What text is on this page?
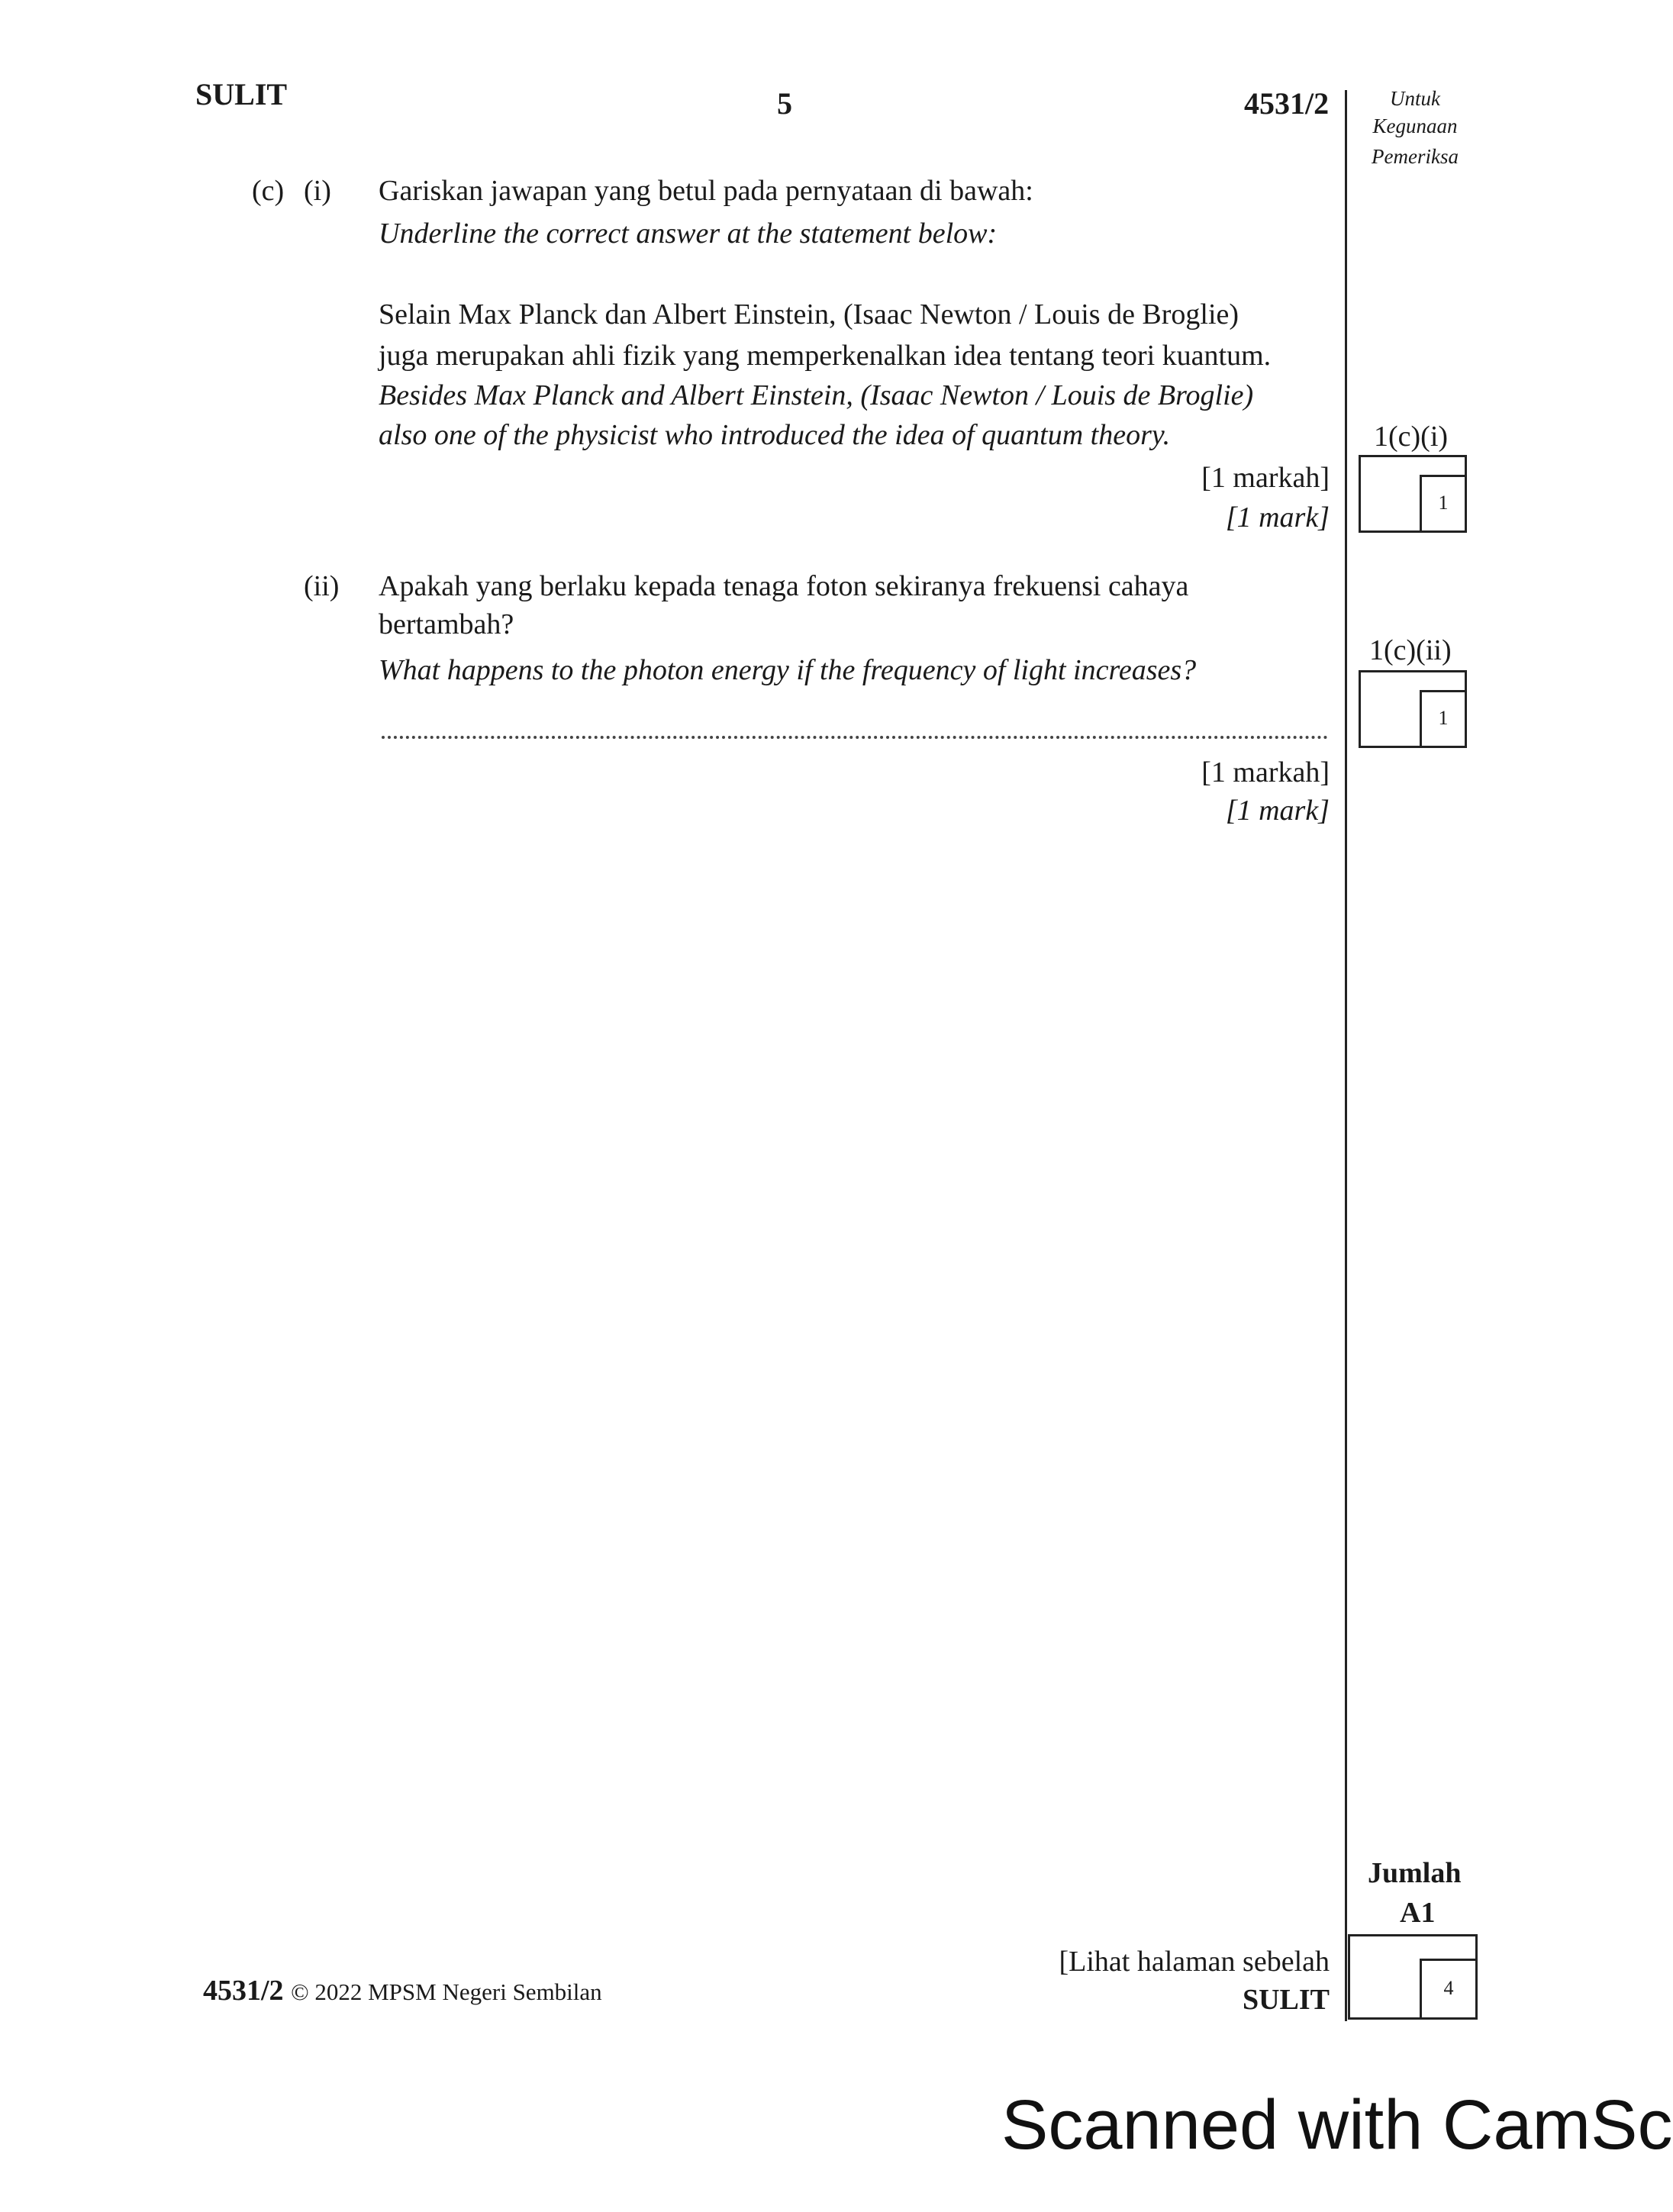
SULIT	5	4531/2	Untuk
Kegunaan
Pemeriksa
(c) (i) Gariskan jawapan yang betul pada pernyataan di bawah:
Underline the correct answer at the statement below:
Selain Max Planck dan Albert Einstein, (Isaac Newton / Louis de Broglie)
juga merupakan ahli fizik yang memperkenalkan idea tentang teori kuantum.
Besides Max Planck and Albert Einstein, (Isaac Newton / Louis de Broglie)
also one of the physicist who introduced the idea of quantum theory.
[1 markah]
[1 mark]
1(c)(i)
1
(ii) Apakah yang berlaku kepada tenaga foton sekiranya frekuensi cahaya
bertambah?
What happens to the photon energy if the frequency of light increases?
[1 markah]
[1 mark]
1(c)(ii)
1
Jumlah
A1
4
4531/2 © 2022 MPSM Negeri Sembilan
[Lihat halaman sebelah
SULIT
Scanned with CamSc
